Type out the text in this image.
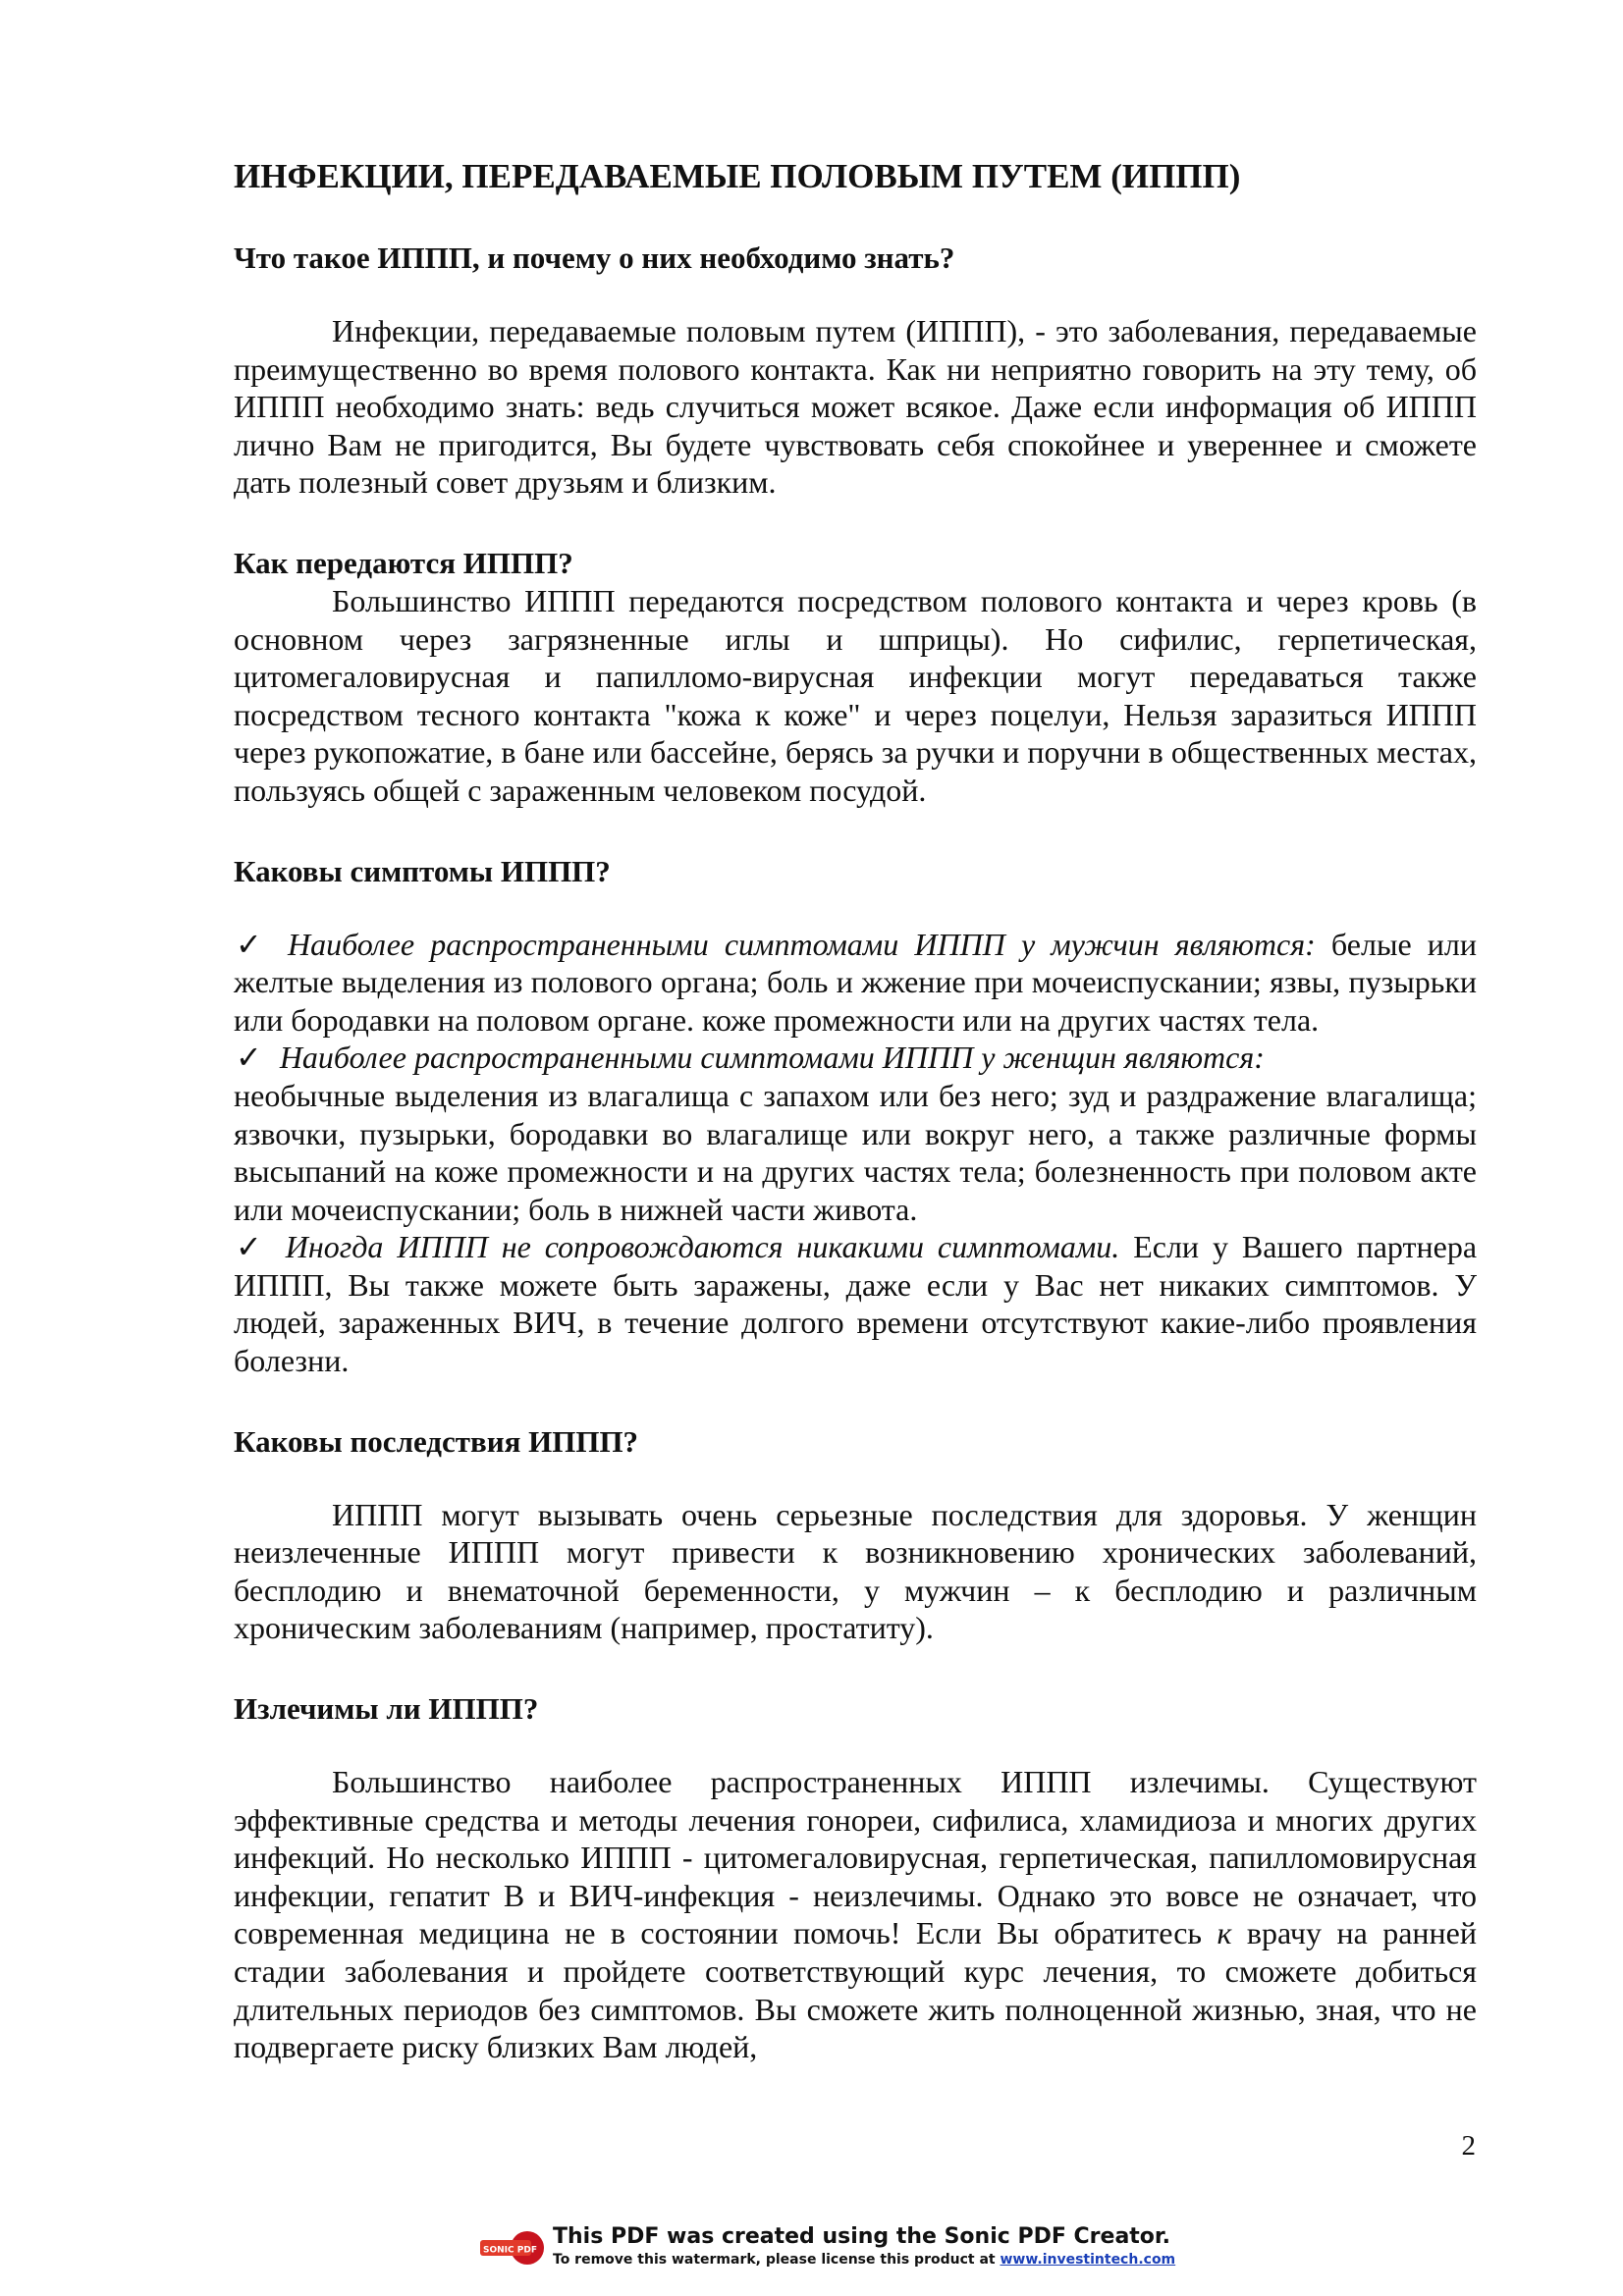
ИНФЕКЦИИ, ПЕРЕДАВАЕМЫЕ ПОЛОВЫМ ПУТЕМ (ИППП)
Что такое ИППП, и почему о них необходимо знать?

Инфекции, передаваемые половым путем (ИППП), - это заболевания, передаваемые преимущественно во время полового контакта. Как ни неприятно говорить на эту тему, об ИППП необходимо знать: ведь случиться может всякое. Даже если информация об ИППП лично Вам не пригодится, Вы будете чувствовать себя спокойнее и увереннее и сможете дать полезный совет друзьям и близким.

Как передаются ИППП?

Большинство ИППП передаются посредством полового контакта и через кровь (в основном через загрязненные иглы и шприцы). Но сифилис, герпетическая, цитомегаловирусная и папилломо-вирусная инфекции могут передаваться также посредством тесного контакта "кожа к коже" и через поцелуи, Нельзя заразиться ИППП через рукопожатие, в бане или бассейне, берясь за ручки и поручни в общественных местах, пользуясь общей с зараженным человеком посудой.

Каковы симптомы ИППП?

✓ Наиболее распространенными симптомами ИППП у мужчин являются: белые или желтые выделения из полового органа; боль и жжение при мочеиспускании; язвы, пузырьки или бородавки на половом органе. коже промежности или на других частях тела.

✓ Наиболее распространенными симптомами ИППП у женщин являются:

необычные выделения из влагалища с запахом или без него; зуд и раздражение влагалища; язвочки, пузырьки, бородавки во влагалище или вокруг него, а также различные формы высыпаний на коже промежности и на других частях тела; болезненность при половом акте или мочеиспускании; боль в нижней части живота.

✓ Иногда ИППП не сопровождаются никакими симптомами. Если у Вашего партнера ИППП, Вы также можете быть заражены, даже если у Вас нет никаких симптомов. У людей, зараженных ВИЧ, в течение долгого времени отсутствуют какие-либо проявления болезни.

Каковы последствия ИППП?

ИППП могут вызывать очень серьезные последствия для здоровья. У женщин неизлеченные ИППП могут привести к возникновению хронических заболеваний, бесплодию и внематочной беременности, у мужчин – к бесплодию и различным хроническим заболеваниям (например, простатиту).

Излечимы ли ИППП?

Большинство наиболее распространенных ИППП излечимы. Существуют эффективные средства и методы лечения гонореи, сифилиса, хламидиоза и многих других инфекций. Но несколько ИППП - цитомегаловирусная, герпетическая, папилломовирусная инфекции, гепатит В и ВИЧ-инфекция - неизлечимы. Однако это вовсе не означает, что современная медицина не в состоянии помочь! Если Вы обратитесь к врачу на ранней стадии заболевания и пройдете соответствующий курс лечения, то сможете добиться длительных периодов без симптомов. Вы сможете жить полноценной жизнью, зная, что не подвергаете риску близких Вам людей,

2
SONIC PDF
This PDF was created using the Sonic PDF Creator.
To remove this watermark, please license this product at www.investintech.com
